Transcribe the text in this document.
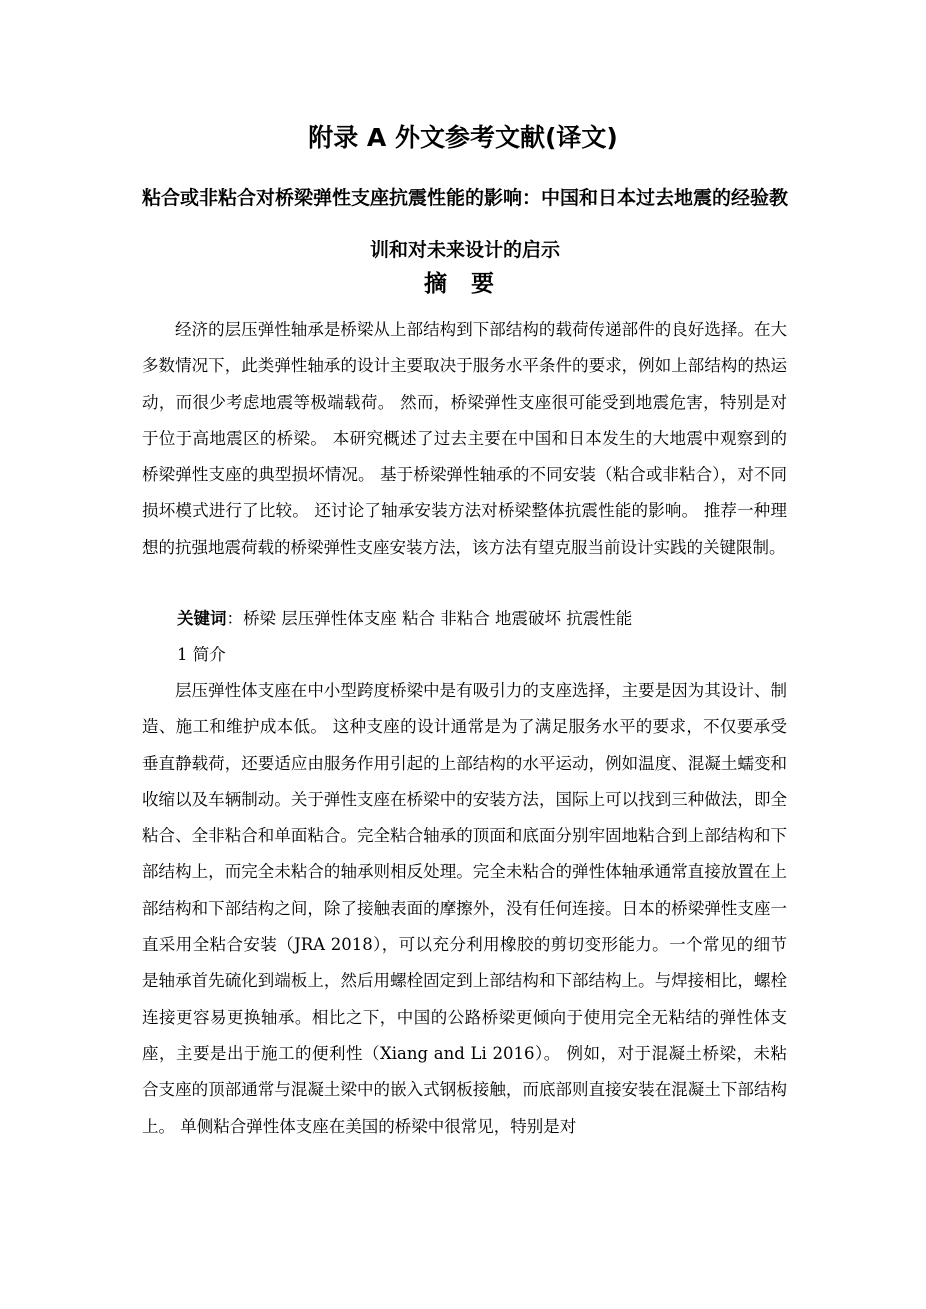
附录 A 外文参考文献(译文)
粘合或非粘合对桥梁弹性支座抗震性能的影响：中国和日本过去地震的经验教训和对未来设计的启示
摘 要

经济的层压弹性轴承是桥梁从上部结构到下部结构的载荷传递部件的良好选择。在大多数情况下，此类弹性轴承的设计主要取决于服务水平条件的要求，例如上部结构的热运动，而很少考虑地震等极端载荷。 然而，桥梁弹性支座很可能受到地震危害，特别是对于位于高地震区的桥梁。 本研究概述了过去主要在中国和日本发生的大地震中观察到的桥梁弹性支座的典型损坏情况。 基于桥梁弹性轴承的不同安装（粘合或非粘合），对不同损坏模式进行了比较。 还讨论了轴承安装方法对桥梁整体抗震性能的影响。 推荐一种理想的抗强地震荷载的桥梁弹性支座安装方法，该方法有望克服当前设计实践的关键限制。

关键词：桥梁 层压弹性体支座 粘合 非粘合 地震破坏 抗震性能

1 简介

层压弹性体支座在中小型跨度桥梁中是有吸引力的支座选择，主要是因为其设计、制造、施工和维护成本低。 这种支座的设计通常是为了满足服务水平的要求，不仅要承受垂直静载荷，还要适应由服务作用引起的上部结构的水平运动，例如温度、混凝土蠕变和收缩以及车辆制动。关于弹性支座在桥梁中的安装方法，国际上可以找到三种做法，即全粘合、全非粘合和单面粘合。完全粘合轴承的顶面和底面分别牢固地粘合到上部结构和下部结构上，而完全未粘合的轴承则相反处理。完全未粘合的弹性体轴承通常直接放置在上部结构和下部结构之间，除了接触表面的摩擦外，没有任何连接。日本的桥梁弹性支座一直采用全粘合安装（JRA 2018），可以充分利用橡胶的剪切变形能力。一个常见的细节是轴承首先硫化到端板上，然后用螺栓固定到上部结构和下部结构上。与焊接相比，螺栓连接更容易更换轴承。相比之下，中国的公路桥梁更倾向于使用完全无粘结的弹性体支座，主要是出于施工的便利性（Xiang and Li 2016）。 例如，对于混凝土桥梁，未粘合支座的顶部通常与混凝土梁中的嵌入式钢板接触，而底部则直接安装在混凝土下部结构上。 单侧粘合弹性体支座在美国的桥梁中很常见，特别是对
